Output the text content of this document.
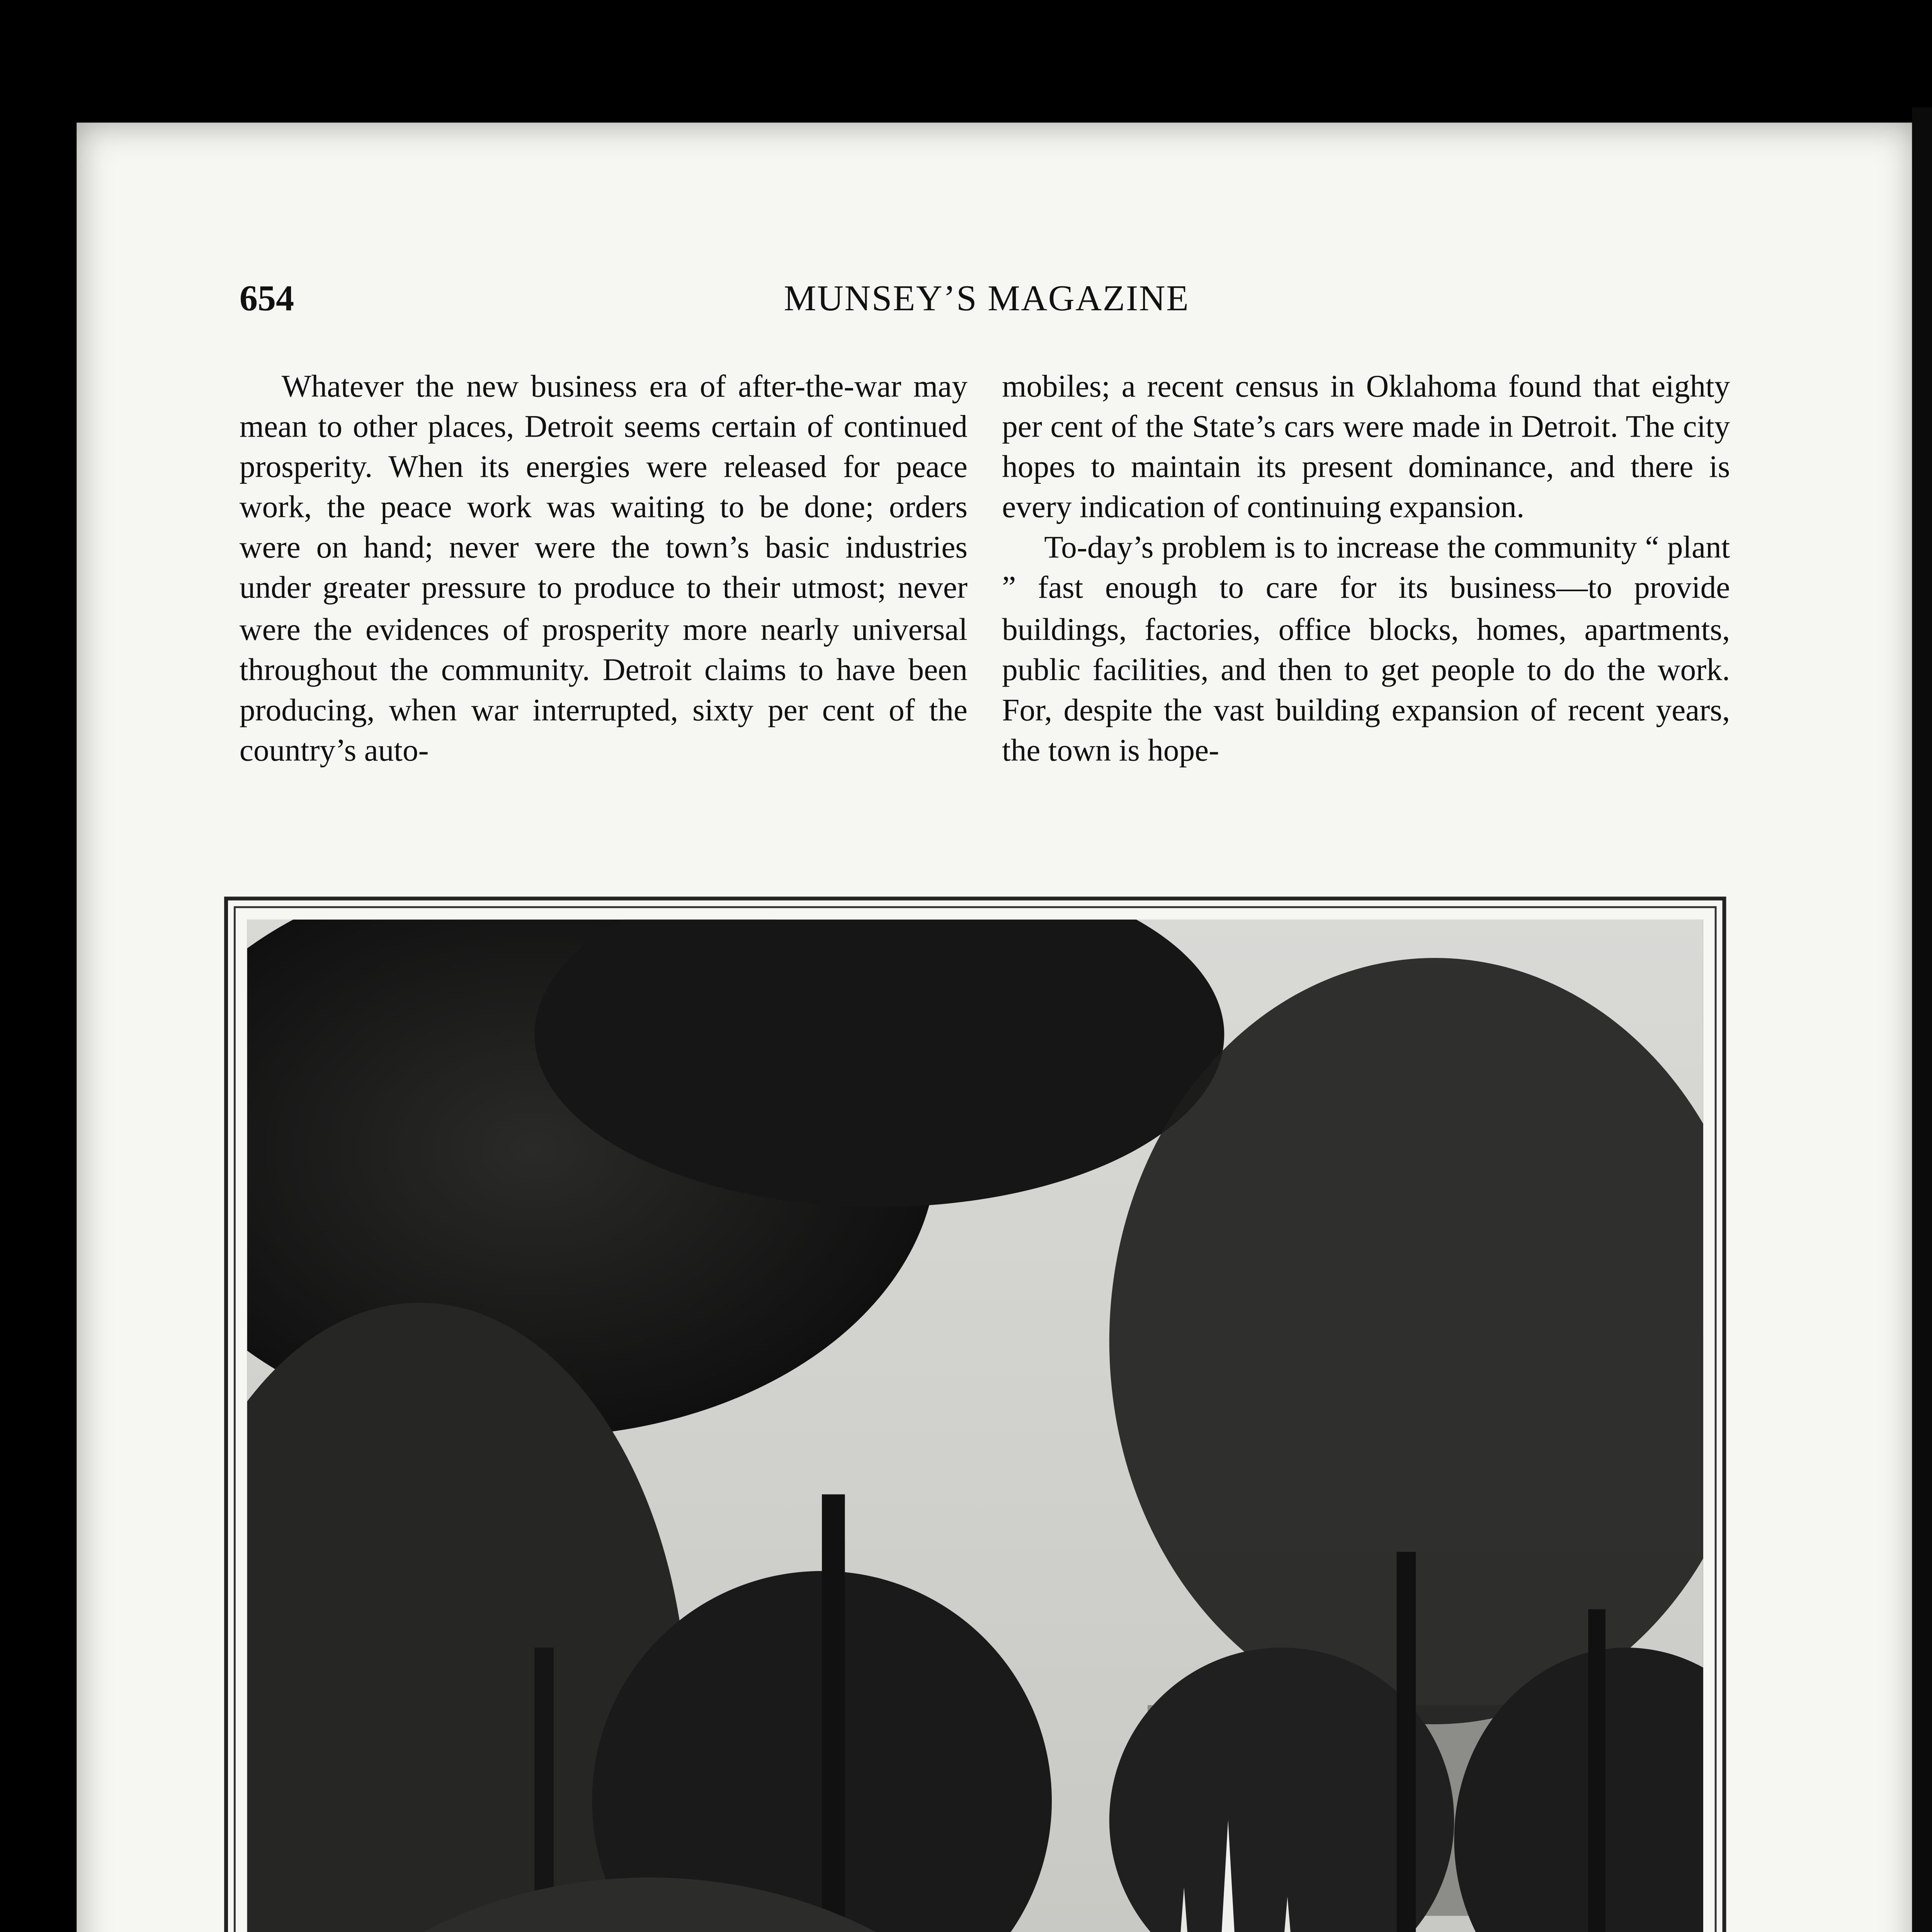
654	MUNSEY’S MAGAZINE

Whatever the new business era of after-the-war may mean to other places, Detroit seems certain of continued prosperity. When its energies were released for peace work, the peace work was waiting to be done; orders were on hand; never were the town’s basic industries under greater pressure to produce to their utmost; never were the evidences of prosperity more nearly universal throughout the community. Detroit claims to have been producing, when war interrupted, sixty per cent of the country’s auto-

mobiles; a recent census in Oklahoma found that eighty per cent of the State’s cars were made in Detroit. The city hopes to maintain its present dominance, and there is every indication of continuing expansion.

To-day’s problem is to increase the community “ plant ” fast enough to care for its business—to provide buildings, factories, office blocks, homes, apartments, public facilities, and then to get people to do the work. For, despite the vast building expansion of recent years, the town is hope-
